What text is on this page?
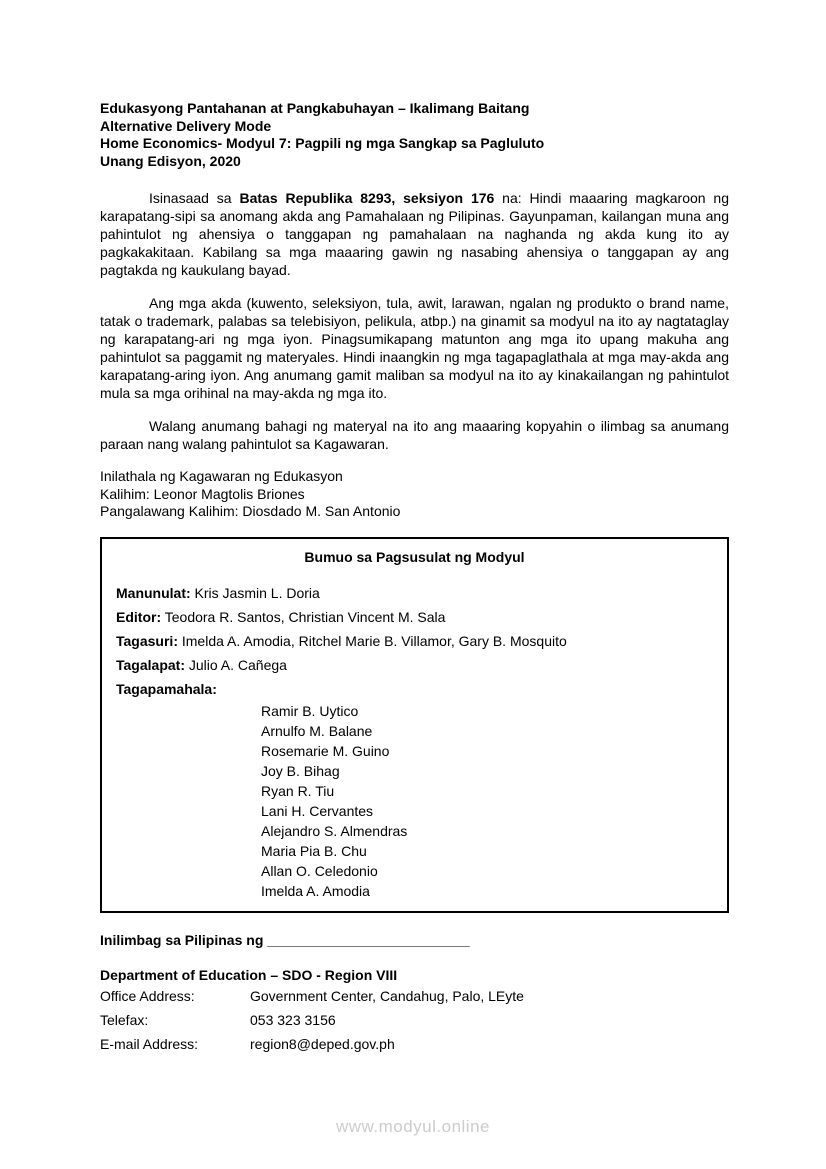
Edukasyong Pantahanan at Pangkabuhayan – Ikalimang Baitang
Alternative Delivery Mode
Home Economics- Modyul 7: Pagpili ng mga Sangkap sa Pagluluto
Unang Edisyon, 2020

Isinasaad sa Batas Republika 8293, seksiyon 176 na: Hindi maaaring magkaroon ng karapatang-sipi sa anomang akda ang Pamahalaan ng Pilipinas. Gayunpaman, kailangan muna ang pahintulot ng ahensiya o tanggapan ng pamahalaan na naghanda ng akda kung ito ay pagkakakitaan. Kabilang sa mga maaaring gawin ng nasabing ahensiya o tanggapan ay ang pagtakda ng kaukulang bayad.

Ang mga akda (kuwento, seleksiyon, tula, awit, larawan, ngalan ng produkto o brand name, tatak o trademark, palabas sa telebisiyon, pelikula, atbp.) na ginamit sa modyul na ito ay nagtataglay ng karapatang-ari ng mga iyon. Pinagsumikapang matunton ang mga ito upang makuha ang pahintulot sa paggamit ng materyales. Hindi inaangkin ng mga tagapaglathala at mga may-akda ang karapatang-aring iyon. Ang anumang gamit maliban sa modyul na ito ay kinakailangan ng pahintulot mula sa mga orihinal na may-akda ng mga ito.

Walang anumang bahagi ng materyal na ito ang maaaring kopyahin o ilimbag sa anumang paraan nang walang pahintulot sa Kagawaran.

Inilathala ng Kagawaran ng Edukasyon
Kalihim: Leonor Magtolis Briones
Pangalawang Kalihim: Diosdado M. San Antonio
Bumuo sa Pagsusulat ng Modyul
Manunulat: Kris Jasmin L. Doria
Editor: Teodora R. Santos, Christian Vincent M. Sala
Tagasuri: Imelda A. Amodia, Ritchel Marie B. Villamor, Gary B. Mosquito
Tagalapat: Julio A. Cañega
Tagapamahala:
Ramir B. Uytico
Arnulfo M. Balane
Rosemarie M. Guino
Joy B. Bihag
Ryan R. Tiu
Lani H. Cervantes
Alejandro S. Almendras
Maria Pia B. Chu
Allan O. Celedonio
Imelda A. Amodia
Inilimbag sa Pilipinas ng __________________________
Department of Education – SDO - Region VIII
Office Address:	Government Center, Candahug, Palo, LEyte
Telefax:	053 323 3156
E-mail Address:	region8@deped.gov.ph
www.modyul.online
